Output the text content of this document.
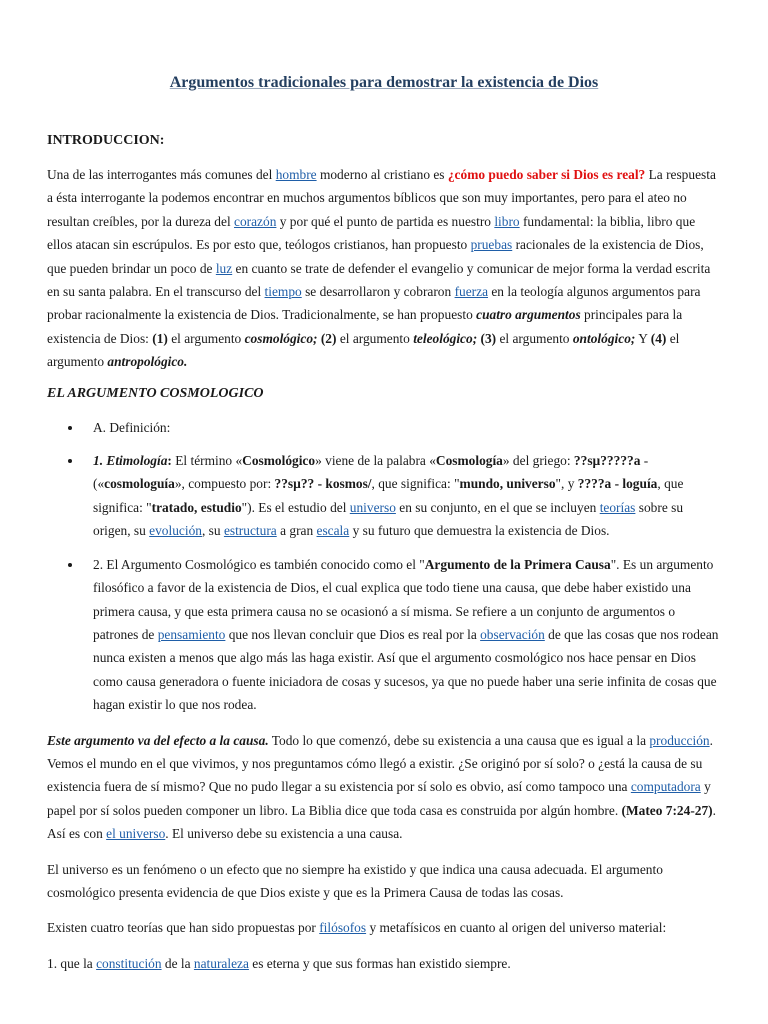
Argumentos tradicionales para demostrar la existencia de Dios
INTRODUCCION:

Una de las interrogantes más comunes del hombre moderno al cristiano es ¿cómo puedo saber si Dios es real? La respuesta a ésta interrogante la podemos encontrar en muchos argumentos bíblicos que son muy importantes, pero para el ateo no resultan creíbles, por la dureza del corazón y por qué el punto de partida es nuestro libro fundamental: la biblia, libro que ellos atacan sin escrúpulos. Es por esto que, teólogos cristianos, han propuesto pruebas racionales de la existencia de Dios, que pueden brindar un poco de luz en cuanto se trate de defender el evangelio y comunicar de mejor forma la verdad escrita en su santa palabra. En el transcurso del tiempo se desarrollaron y cobraron fuerza en la teología algunos argumentos para probar racionalmente la existencia de Dios. Tradicionalmente, se han propuesto cuatro argumentos principales para la existencia de Dios: (1) el argumento cosmológico; (2) el argumento teleológico; (3) el argumento ontológico; Y (4) el argumento antropológico.

EL ARGUMENTO COSMOLOGICO
A. Definición:
1. Etimología: El término «Cosmológico» viene de la palabra «Cosmología» del griego: ??sµ?????a - («cosmologuía», compuesto por: ??sµ?? - kosmos/, que significa: "mundo, universo", y ????a - loguía, que significa: "tratado, estudio"). Es el estudio del universo en su conjunto, en el que se incluyen teorías sobre su origen, su evolución, su estructura a gran escala y su futuro que demuestra la existencia de Dios.
2. El Argumento Cosmológico es también conocido como el "Argumento de la Primera Causa". Es un argumento filosófico a favor de la existencia de Dios, el cual explica que todo tiene una causa, que debe haber existido una primera causa, y que esta primera causa no se ocasionó a sí misma. Se refiere a un conjunto de argumentos o patrones de pensamiento que nos llevan concluir que Dios es real por la observación de que las cosas que nos rodean nunca existen a menos que algo más las haga existir. Así que el argumento cosmológico nos hace pensar en Dios como causa generadora o fuente iniciadora de cosas y sucesos, ya que no puede haber una serie infinita de cosas que hagan existir lo que nos rodea.

Este argumento va del efecto a la causa. Todo lo que comenzó, debe su existencia a una causa que es igual a la producción. Vemos el mundo en el que vivimos, y nos preguntamos cómo llegó a existir. ¿Se originó por sí solo? o ¿está la causa de su existencia fuera de sí mismo? Que no pudo llegar a su existencia por sí solo es obvio, así como tampoco una computadora y papel por sí solos pueden componer un libro. La Biblia dice que toda casa es construida por algún hombre. (Mateo 7:24-27). Así es con el universo. El universo debe su existencia a una causa.

El universo es un fenómeno o un efecto que no siempre ha existido y que indica una causa adecuada. El argumento cosmológico presenta evidencia de que Dios existe y que es la Primera Causa de todas las cosas.

Existen cuatro teorías que han sido propuestas por filósofos y metafísicos en cuanto al origen del universo material:

1. que la constitución de la naturaleza es eterna y que sus formas han existido siempre.
